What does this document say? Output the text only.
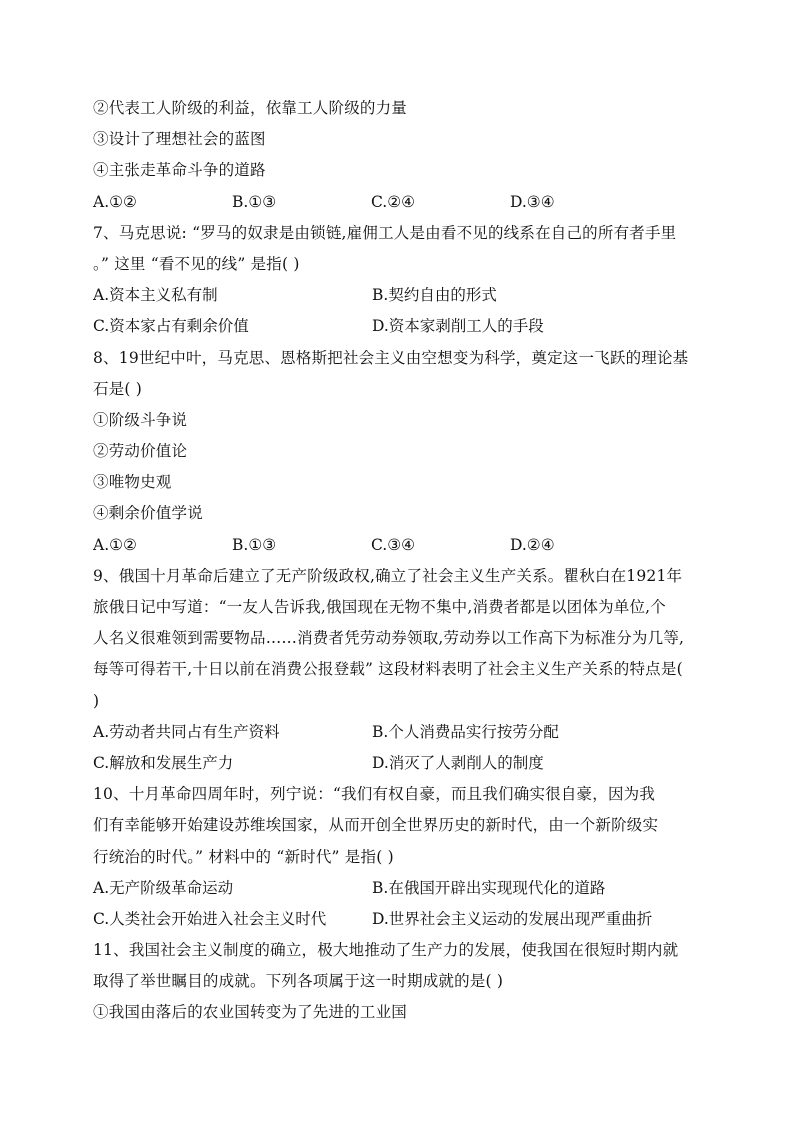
②代表工人阶级的利益，依靠工人阶级的力量
③设计了理想社会的蓝图
④主张走革命斗争的道路
A.①②	B.①③	C.②④	D.③④
7、马克思说: “罗马的奴隶是由锁链,雇佣工人是由看不见的线系在自己的所有者手里
。” 这里 “看不见的线” 是指( )
A.资本主义私有制	B.契约自由的形式
C.资本家占有剩余价值	D.资本家剥削工人的手段
8、19世纪中叶，马克思、恩格斯把社会主义由空想变为科学，奠定这一飞跃的理论基
石是( )
①阶级斗争说
②劳动价值论
③唯物史观
④剩余价值学说
A.①②	B.①③	C.③④	D.②④
9、俄国十月革命后建立了无产阶级政权,确立了社会主义生产关系。瞿秋白在1921年
旅俄日记中写道：“一友人告诉我,俄国现在无物不集中,消费者都是以团体为单位,个
人名义很难领到需要物品……消费者凭劳动券领取,劳动券以工作高下为标准分为几等,
每等可得若干,十日以前在消费公报登载” 这段材料表明了社会主义生产关系的特点是(
)
A.劳动者共同占有生产资料	B.个人消费品实行按劳分配
C.解放和发展生产力	D.消灭了人剥削人的制度
10、十月革命四周年时，列宁说：“我们有权自豪，而且我们确实很自豪，因为我
们有幸能够开始建设苏维埃国家，从而开创全世界历史的新时代，由一个新阶级实
行统治的时代。” 材料中的 “新时代” 是指( )
A.无产阶级革命运动	B.在俄国开辟出实现现代化的道路
C.人类社会开始进入社会主义时代	D.世界社会主义运动的发展出现严重曲折
11、我国社会主义制度的确立，极大地推动了生产力的发展，使我国在很短时期内就
取得了举世瞩目的成就。下列各项属于这一时期成就的是( )
①我国由落后的农业国转变为了先进的工业国
